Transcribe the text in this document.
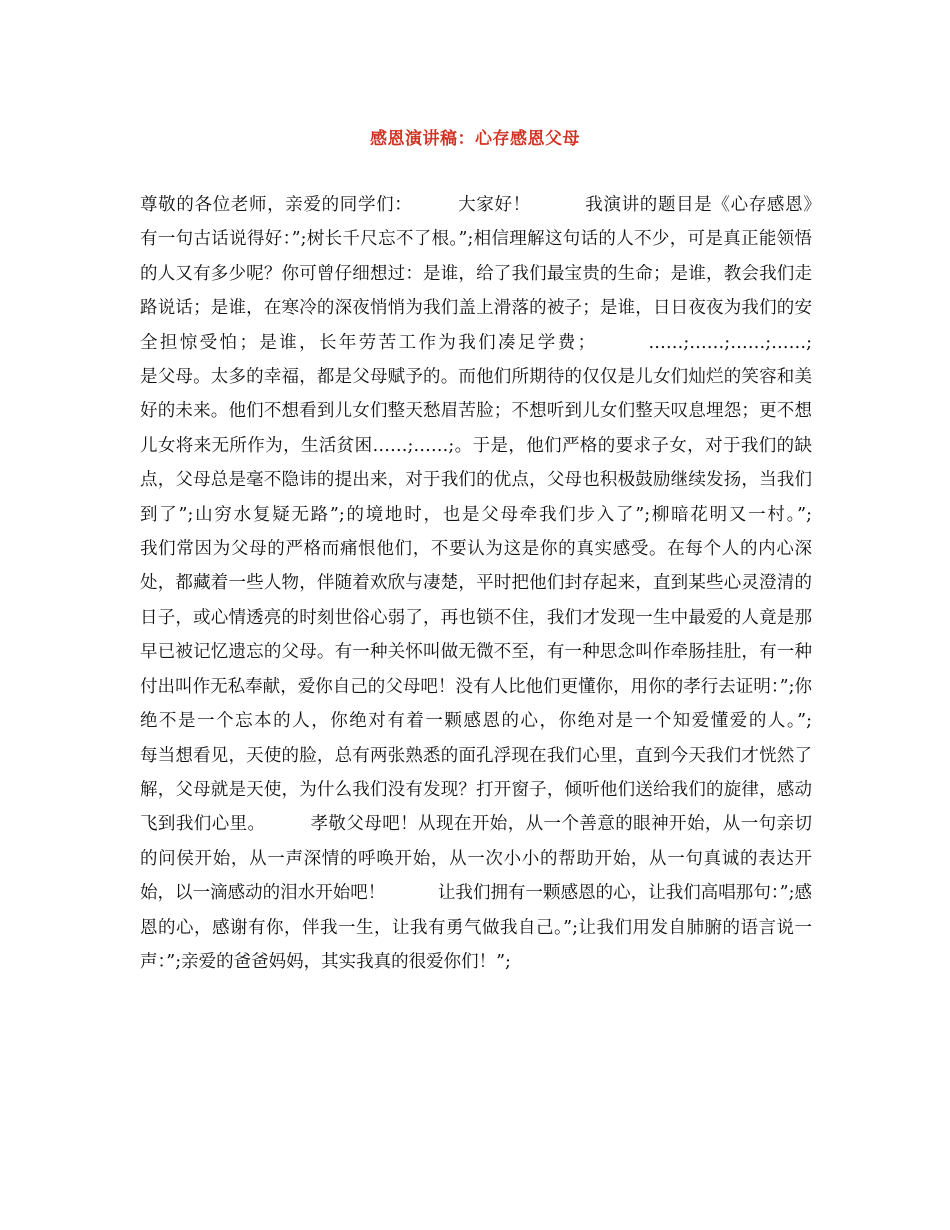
感恩演讲稿：心存感恩父母
尊敬的各位老师，亲爱的同学们：　　　大家好！　　　我演讲的题目是《心存感恩》　　有一句古话说得好：”;树长千尺忘不了根。”;相信理解这句话的人不少，可是真正能领悟的人又有多少呢？你可曾仔细想过：是谁，给了我们最宝贵的生命；是谁，教会我们走路说话；是谁，在寒冷的深夜悄悄为我们盖上滑落的被子；是谁，日日夜夜为我们的安全担惊受怕；是谁，长年劳苦工作为我们凑足学费；　　　……;……;……;……;　　　是父母。太多的幸福，都是父母赋予的。而他们所期待的仅仅是儿女们灿烂的笑容和美好的未来。他们不想看到儿女们整天愁眉苦脸；不想听到儿女们整天叹息埋怨；更不想儿女将来无所作为，生活贫困……;……;。于是，他们严格的要求子女，对于我们的缺点，父母总是毫不隐讳的提出来，对于我们的优点，父母也积极鼓励继续发扬，当我们到了”;山穷水复疑无路”;的境地时，也是父母牵我们步入了”;柳暗花明又一村。”;　　　我们常因为父母的严格而痛恨他们，不要认为这是你的真实感受。在每个人的内心深处，都藏着一些人物，伴随着欢欣与凄楚，平时把他们封存起来，直到某些心灵澄清的日子，或心情透亮的时刻世俗心弱了，再也锁不住，我们才发现一生中最爱的人竟是那早已被记忆遗忘的父母。有一种关怀叫做无微不至，有一种思念叫作牵肠挂肚，有一种付出叫作无私奉献，爱你自己的父母吧！没有人比他们更懂你，用你的孝行去证明：”;你绝不是一个忘本的人，你绝对有着一颗感恩的心，你绝对是一个知爱懂爱的人。”;　　　每当想看见，天使的脸，总有两张熟悉的面孔浮现在我们心里，直到今天我们才恍然了解，父母就是天使，为什么我们没有发现？打开窗子，倾听他们送给我们的旋律，感动飞到我们心里。　　　孝敬父母吧！从现在开始，从一个善意的眼神开始，从一句亲切的问侯开始，从一声深情的呼唤开始，从一次小小的帮助开始，从一句真诚的表达开始，以一滴感动的泪水开始吧！　　　让我们拥有一颗感恩的心，让我们高唱那句：”;感恩的心，感谢有你，伴我一生，让我有勇气做我自己。”;让我们用发自肺腑的语言说一声：”;亲爱的爸爸妈妈，其实我真的很爱你们！”;
